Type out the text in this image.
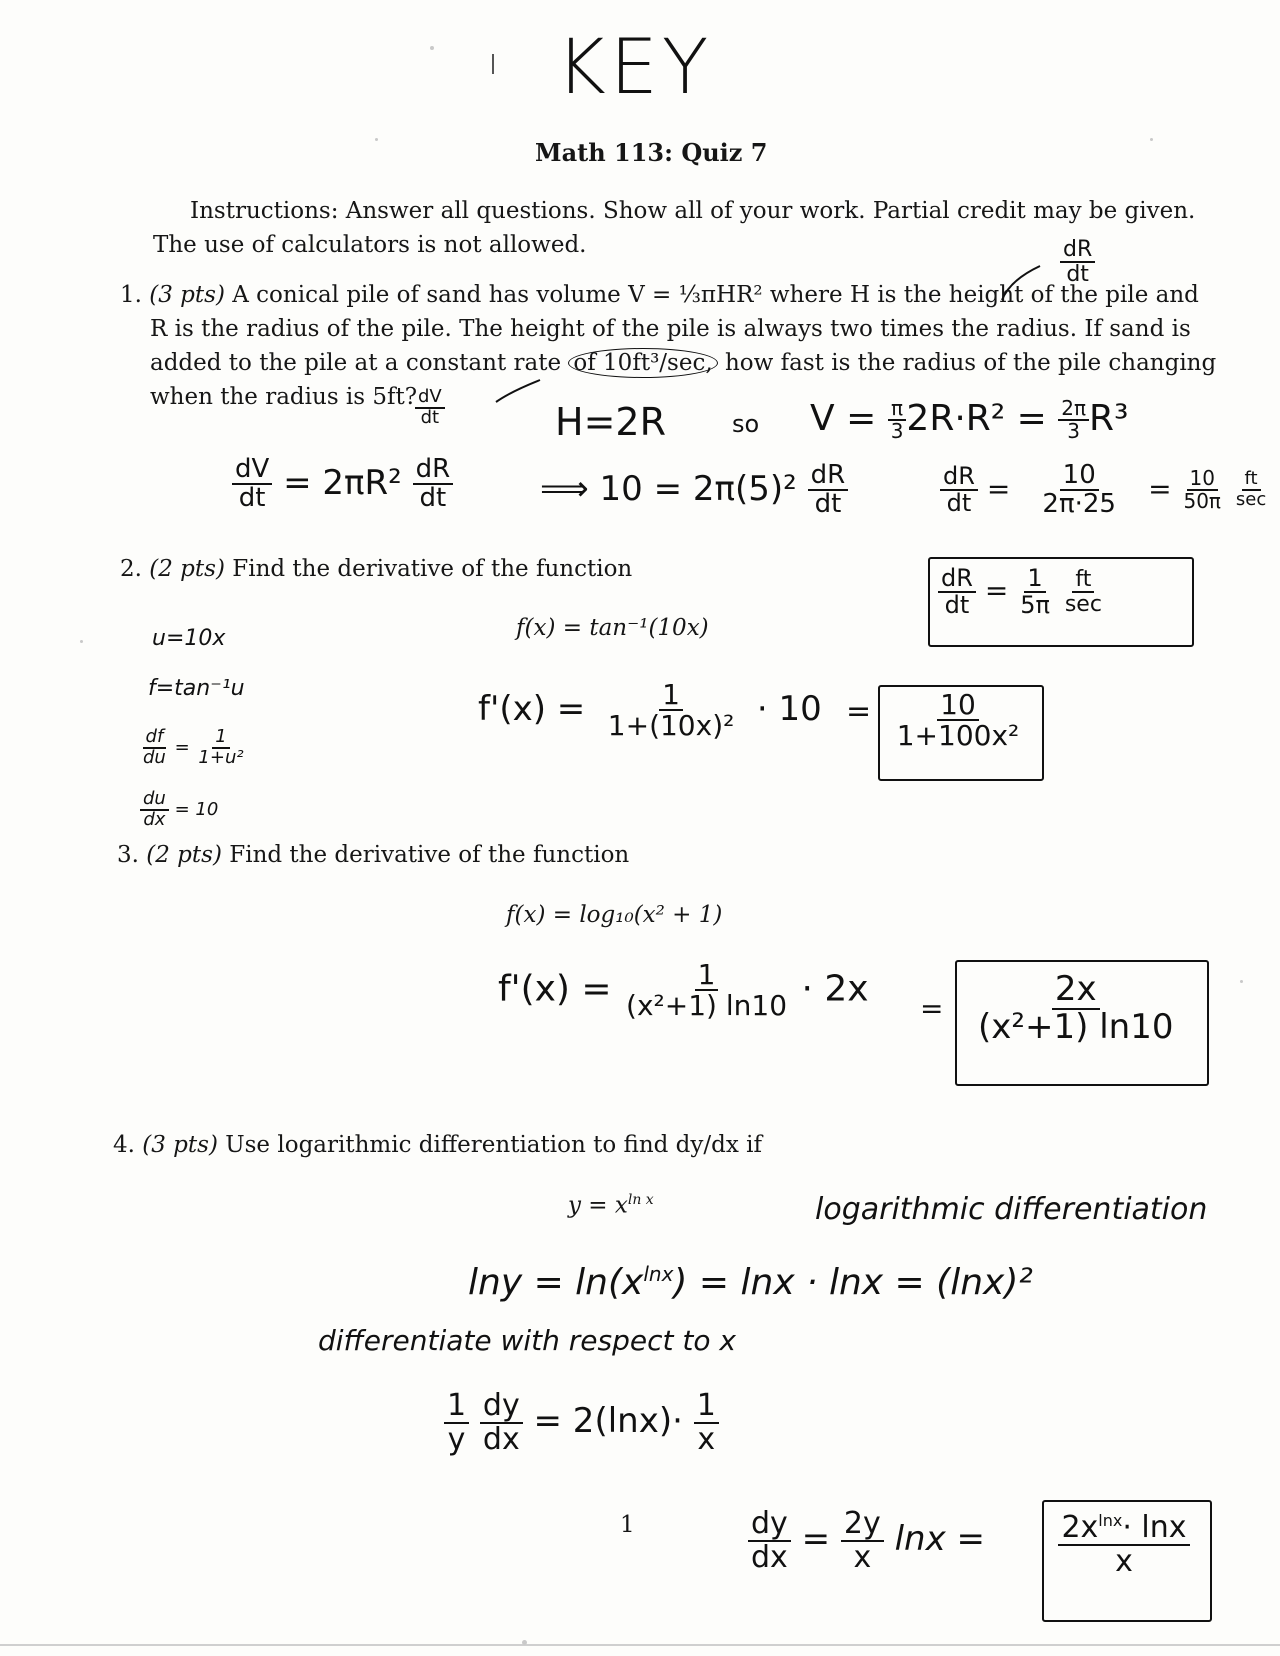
KEY
Math 113: Quiz 7
Instructions: Answer all questions. Show all of your work. Partial credit may be given.
The use of calculators is not allowed.
1. (3 pts) A conical pile of sand has volume V = ⅓πHR² where H is the height of the pile and
R is the radius of the pile. The height of the pile is always two times the radius. If sand is
added to the pile at a constant rate of 10ft³/sec, how fast is the radius of the pile changing
when the radius is 5ft?
$\frac{dR}{dt}$
$\frac{dV}{dt}$	H=2R	so $V = \frac{\pi}{3} 2R\cdot R^2 = \frac{2\pi}{3} R^3$
$\frac{dV}{dt} = 2\pi R^2 \frac{dR}{dt}$	⟹ $10 = 2\pi(5)^2 \frac{dR}{dt}$	$\frac{dR}{dt} = \frac{10}{2\pi\cdot 25} = \frac{10}{50\pi}$
$\frac{ft}{\sec}$
$\frac{dR}{dt} = \frac{1}{5\pi}$
$\frac{ft}{\sec}$
2. (2 pts) Find the derivative of the function
f(x) = tan⁻¹(10x)
u=10x
f=tan⁻¹u
$\frac{df}{du} = \frac{1}{\text{1+u²}}$
$\frac{du}{dx} = 10$
$f'(x) = \frac{1}{\text{1+(10x)²}} \cdot 10 = \frac{10}{\text{1+100x²}}$
3. (2 pts) Find the derivative of the function
f(x) = log₁₀(x² + 1)
$f'(x) = \frac{1}{\text{(x²+1) ln10}} \cdot 2x = \frac{2x}{\text{(x²+1) ln10}}$
4. (3 pts) Use logarithmic differentiation to find dy/dx if
$y = x^{ln x}$	logarithmic differentiation
$\ln y = \ln(x^{lnx}) = \ln x \cdot \ln x = (\ln x)^2$
differentiate with respect to x
$\frac{1}{y}$
$\frac{dy}{dx} = 2(\ln x)\cdot \frac{1}{x}$
1	$\frac{dy}{dx} = \frac{2y}{x}$ $\ln x = \frac{2x^{lnx}\cdot \ln x}{x}$
